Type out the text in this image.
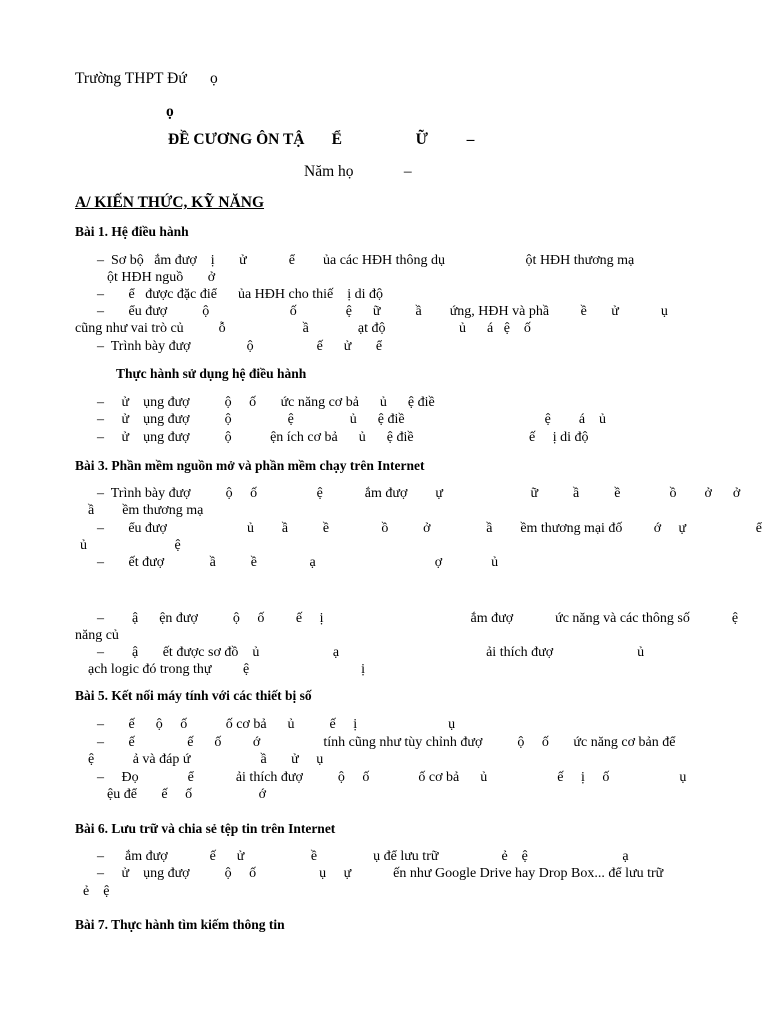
Trường THPT Đứ      ọ
ọ
ĐỀ CƯƠNG ÔN TẬ       Ể                   Ữ          –
Năm họ             –
A/ KIẾN THỨC, KỸ NĂNG
Bài 1. Hệ điều hành
–  Sơ bộ   ắm đượ    ị       ử            ể        ủa các HĐH thông dụ                       ột HĐH thương mạ
ột HĐH nguồ       ở
–       ể   được đặc điể      ủa HĐH cho thiế    ị di độ
–       ểu đượ          ộ                       ố              ệ      ữ          ầ        ứng, HĐH và phầ         ề       ử            ụ
cũng như vai trò củ          ỗ                      ầ              ạt độ                     ủ      á   ệ    ố
–  Trình bày đượ                ộ                  ế      ử       ể
Thực hành sử dụng hệ điều hành
–     ử    ụng đượ          ộ     ố       ức năng cơ bả      ủ      ệ điề
–     ử    ụng đượ          ộ                ệ                ủ      ệ điề                                        ệ        á    ủ
–     ử    ụng đượ          ộ           ện ích cơ bả      ủ      ệ điề                                 ế     ị di độ
Bài 3. Phần mềm nguồn mở và phần mềm chạy trên Internet
–  Trình bày đượ          ộ     ố                 ệ            ắm đượ        ự                         ữ          ầ          ề              ồ        ở      ở
ầ        ềm thương mạ
–       ểu đượ                       ủ        ầ          ề               ồ          ở                ầ        ềm thương mại đố         ớ     ự                    ể
ủ                         ệ
–       ết đượ             ầ          ề               ạ                                  ợ              ủ
–        ậ      ện đượ          ộ     ố         ế     ị                                          ắm đượ            ức năng và các thông số            ệ
năng củ
–        ậ       ết được sơ đồ    ủ                     ạ                                          ải thích đượ                        ủ
ạch logic đó trong thự         ệ                                ị
Bài 5. Kết nối máy tính với các thiết bị số
–       ế      ộ     ố           ố cơ bả      ủ          ế     ị                          ụ
–       ế               ế      ố         ớ                  tính cũng như tùy chỉnh đượ          ộ     ố       ức năng cơ bản để
ệ           ả và đáp ứ                    ầ       ử     ụ
–     Đọ              ể            ải thích đượ          ộ     ố              ố cơ bả      ủ                    ế     ị     ố                    ụ
ệu để       ế     ố                   ớ
Bài 6. Lưu trữ và chia sẻ tệp tin trên Internet
–      ắm đượ            ế      ử                   ề                ụ để lưu trữ                  ẻ    ệ                           ạ
–     ử    ụng đượ          ộ     ố                  ụ     ự            ến như Google Drive hay Drop Box... để lưu trữ
ẻ    ệ
Bài 7. Thực hành tìm kiếm thông tin
